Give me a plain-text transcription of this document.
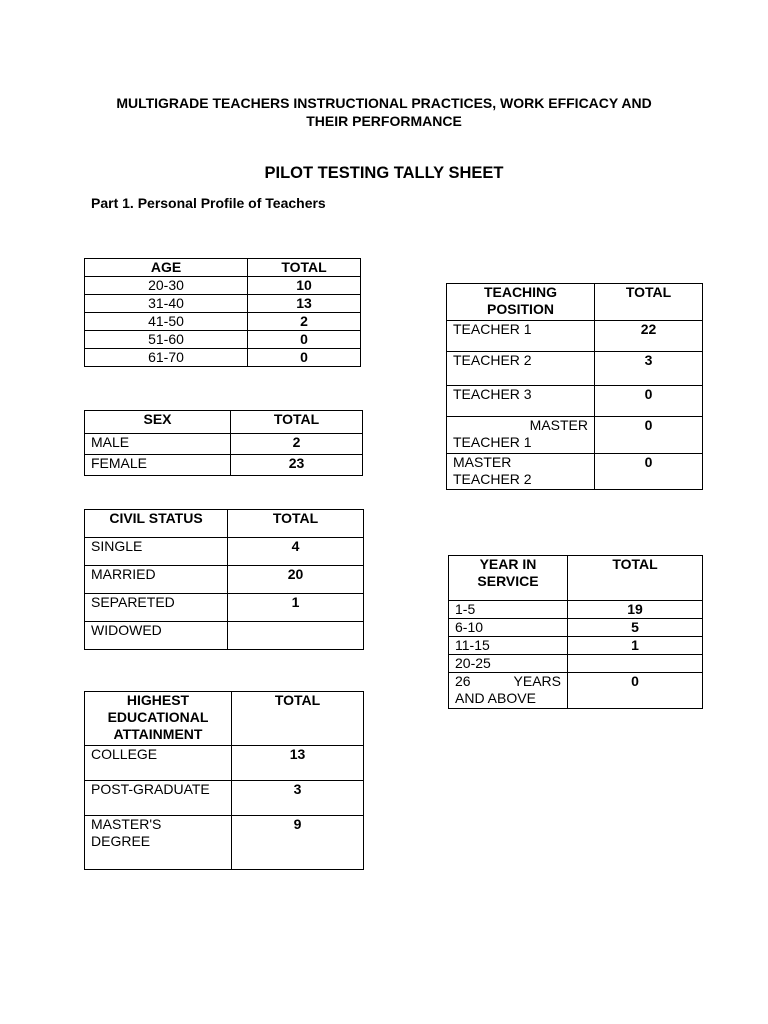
MULTIGRADE TEACHERS INSTRUCTIONAL PRACTICES, WORK EFFICACY AND
THEIR PERFORMANCE
PILOT TESTING TALLY SHEET
Part 1. Personal Profile of Teachers
AGE	TOTAL
20-30	10
31-40	13
41-50	2
51-60	0
61-70	0
SEX	TOTAL
MALE	2
FEMALE	23
CIVIL STATUS	TOTAL
SINGLE	4
MARRIED	20
SEPARETED	1
WIDOWED	
HIGHEST
EDUCATIONAL
ATTAINMENT	TOTAL
COLLEGE	13
POST-GRADUATE	3

MASTER'S
DEGREE	9
TEACHING
POSITION	TOTAL
TEACHER 1	22
TEACHER 2	3
TEACHER 3	0

MASTER
TEACHER 1	0

MASTER
TEACHER 2	0
YEAR IN
SERVICE	TOTAL
1-5	19
6-10	5
11-15	1
20-25	

26 YEARS
AND ABOVE	0
